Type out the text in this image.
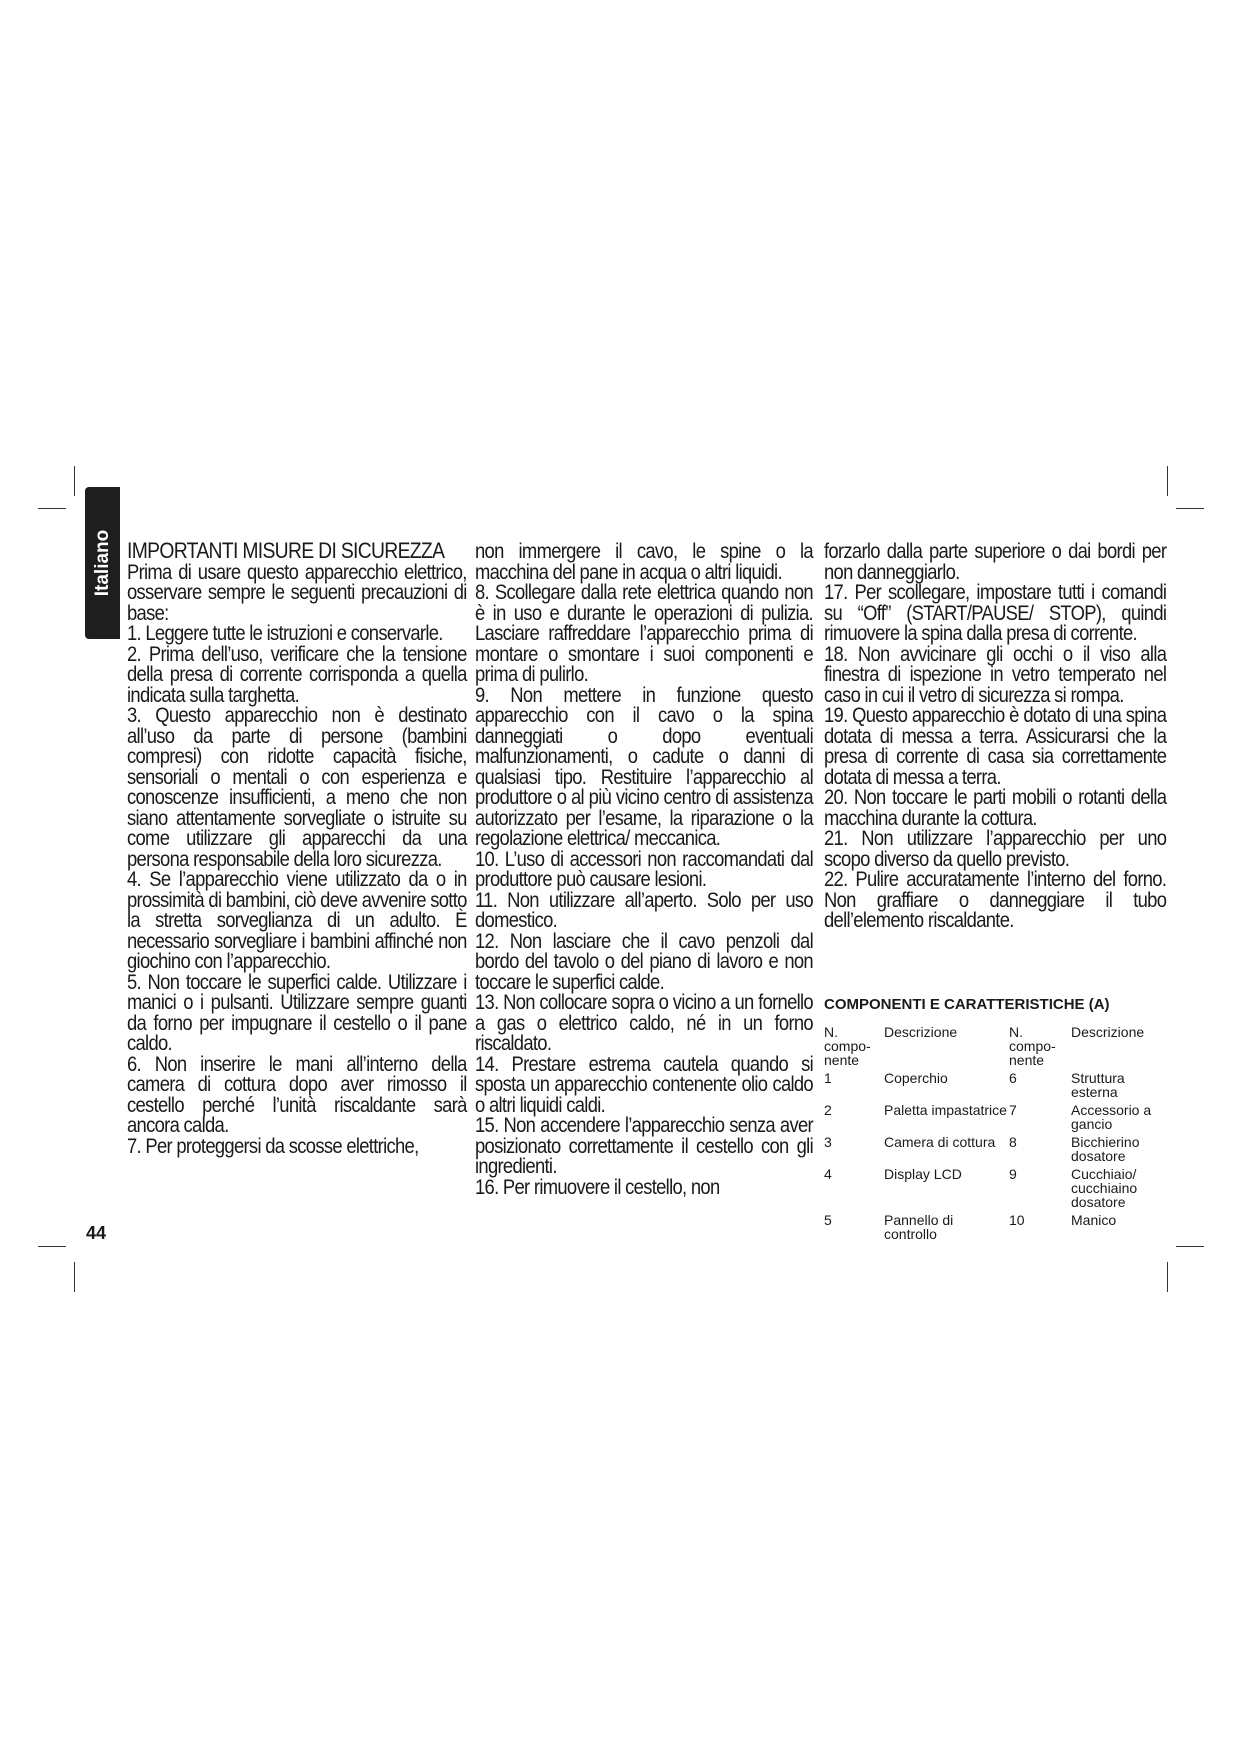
Italiano
44

IMPORTANTI MISURE DI SICUREZZA

Prima di usare questo apparecchio elettrico, osservare sempre le seguenti precauzioni di base:

1. Leggere tutte le istruzioni e conservarle.

2. Prima dell’uso, verificare che la tensione della presa di corrente corrisponda a quella indicata sulla targhetta.

3. Questo apparecchio non è destinato all’uso da parte di persone (bambini compresi) con ridotte capacità fisiche, sensoriali o mentali o con esperienza e conoscenze insufficienti, a meno che non siano attentamente sorvegliate o istruite su come utilizzare gli apparecchi da una persona responsabile della loro sicurezza.

4. Se l’apparecchio viene utilizzato da o in prossimità di bambini, ciò deve avvenire sotto la stretta sorveglianza di un adulto. È necessario sorvegliare i bambini affinché non giochino con l’apparecchio.

5. Non toccare le superfici calde. Utilizzare i manici o i pulsanti. Utilizzare sempre guanti da forno per impugnare il cestello o il pane caldo.

6. Non inserire le mani all’interno della camera di cottura dopo aver rimosso il cestello perché l’unità riscaldante sarà ancora calda.

7. Per proteggersi da scosse elettriche,

non immergere il cavo, le spine o la macchina del pane in acqua o altri liquidi.

8. Scollegare dalla rete elettrica quando non è in uso e durante le operazioni di pulizia. Lasciare raffreddare l’apparecchio prima di montare o smontare i suoi componenti e prima di pulirlo.

9. Non mettere in funzione questo apparecchio con il cavo o la spina danneggiati o dopo eventuali malfunzionamenti, o cadute o danni di qualsiasi tipo. Restituire l’apparecchio al produttore o al più vicino centro di assistenza autorizzato per l’esame, la riparazione o la regolazione elettrica/ meccanica.

10. L’uso di accessori non raccomandati dal produttore può causare lesioni.

11. Non utilizzare all’aperto. Solo per uso domestico.

12. Non lasciare che il cavo penzoli dal bordo del tavolo o del piano di lavoro e non toccare le superfici calde.

13. Non collocare sopra o vicino a un fornello a gas o elettrico caldo, né in un forno riscaldato.

14. Prestare estrema cautela quando si sposta un apparecchio contenente olio caldo o altri liquidi caldi.

15. Non accendere l’apparecchio senza aver posizionato correttamente il cestello con gli ingredienti.

16. Per rimuovere il cestello, non

forzarlo dalla parte superiore o dai bordi per non danneggiarlo.

17. Per scollegare, impostare tutti i comandi su “Off” (START/PAUSE/ STOP), quindi rimuovere la spina dalla presa di corrente.

18. Non avvicinare gli occhi o il viso alla finestra di ispezione in vetro temperato nel caso in cui il vetro di sicurezza si rompa.

19. Questo apparecchio è dotato di una spina dotata di messa a terra. Assicurarsi che la presa di corrente di casa sia correttamente dotata di messa a terra.

20. Non toccare le parti mobili o rotanti della macchina durante la cottura.

21. Non utilizzare l’apparecchio per uno scopo diverso da quello previsto.

22. Pulire accuratamente l’interno del forno. Non graffiare o danneggiare il tubo dell’elemento riscaldante.

COMPONENTI E CARATTERISTICHE (A)
N. compo-nente	Descrizione	N. compo-nente	Descrizione
1	Coperchio	6	Struttura esterna
2	Paletta impastatrice	7	Accessorio a gancio
3	Camera di cottura	8	Bicchierino dosatore
4	Display LCD	9	Cucchiaio/ cucchiaino dosatore
5	Pannello di controllo	10	Manico
